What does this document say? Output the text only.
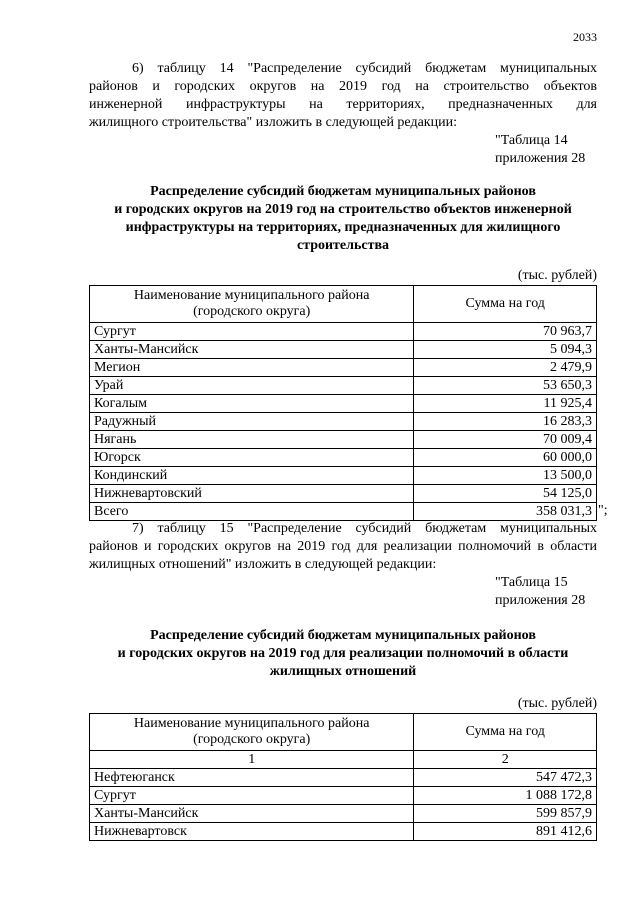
2033
6) таблицу 14 "Распределение субсидий бюджетам муниципальных
районов и городских округов на 2019 год на строительство объектов
инженерной инфраструктуры на территориях, предназначенных для
жилищного строительства" изложить в следующей редакции:
"Таблица 14
приложения 28
Распределение субсидий бюджетам муниципальных районов
и городских округов на 2019 год на строительство объектов инженерной
инфраструктуры на территориях, предназначенных для жилищного
строительства
(тыс. рублей)
Наименование муниципального района
(городского округа)	Сумма на год
Сургут	70 963,7
Ханты-Мансийск	5 094,3
Мегион	2 479,9
Урай	53 650,3
Когалым	11 925,4
Радужный	16 283,3
Нягань	70 009,4
Югорск	60 000,0
Кондинский	13 500,0
Нижневартовский	54 125,0
Всего	358 031,3
7) таблицу 15 "Распределение субсидий бюджетам муниципальных
районов и городских округов на 2019 год для реализации полномочий в области
жилищных отношений" изложить в следующей редакции:
"Таблица 15
приложения 28
Распределение субсидий бюджетам муниципальных районов
и городских округов на 2019 год для реализации полномочий в области
жилищных отношений
(тыс. рублей)
Наименование муниципального района
(городского округа)	Сумма на год
1	2
Нефтеюганск	547 472,3
Сургут	1 088 172,8
Ханты-Мансийск	599 857,9
Нижневартовск	891 412,6
";
